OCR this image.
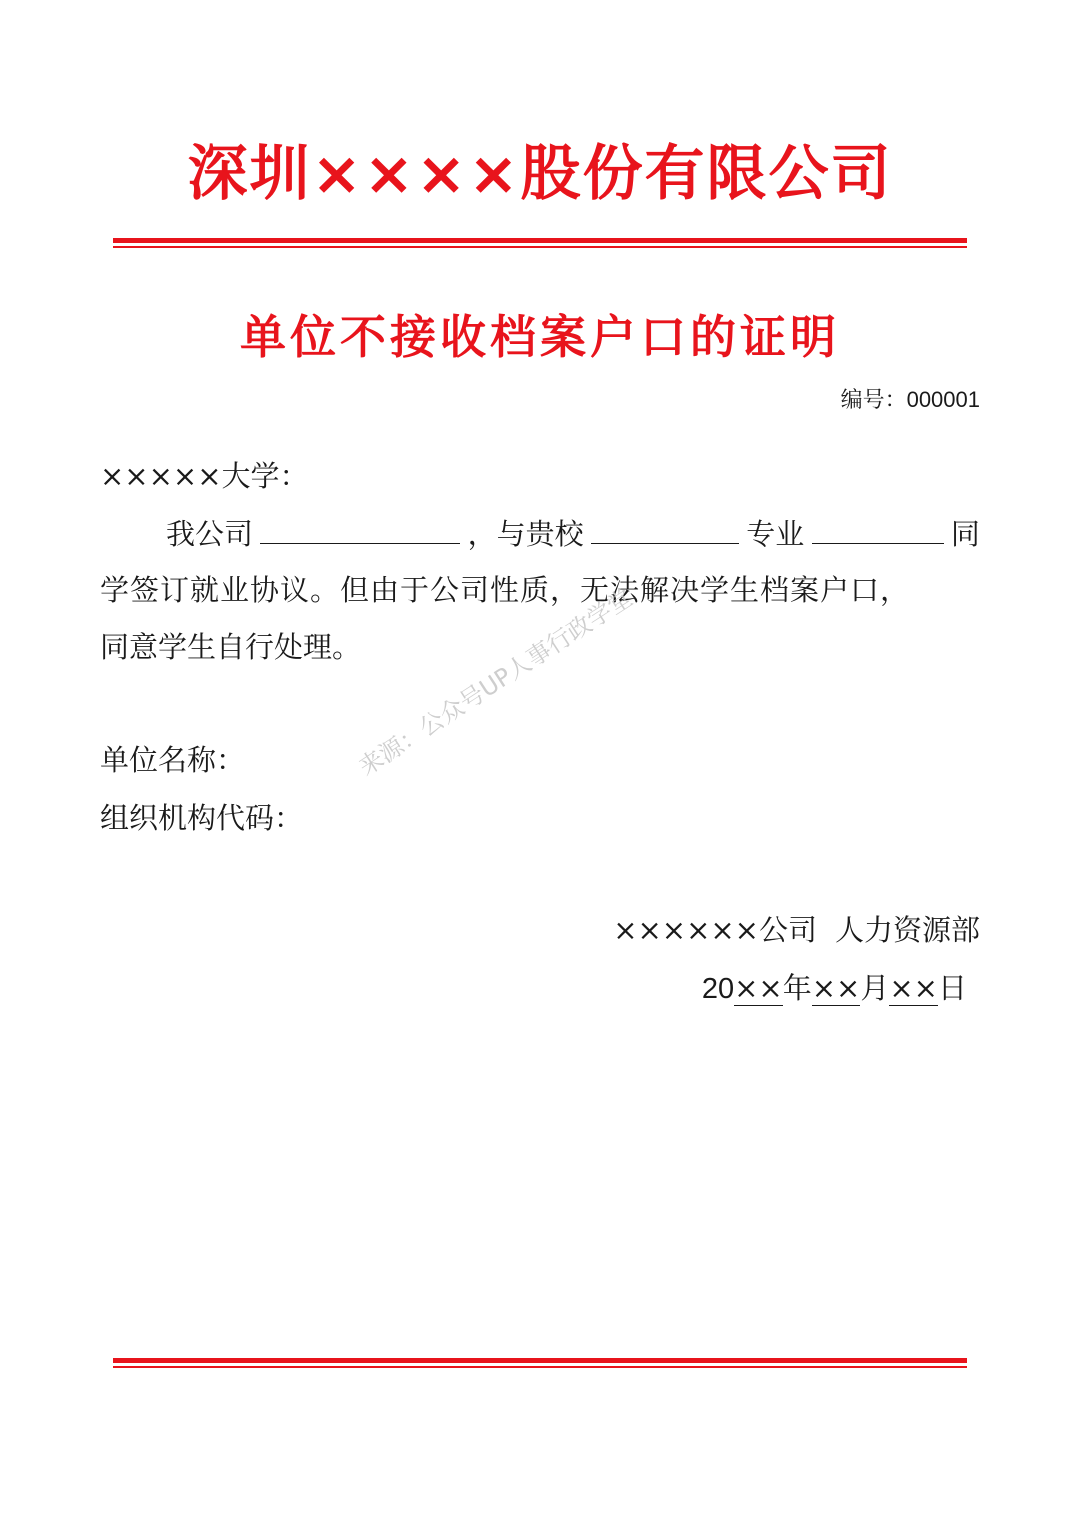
深圳××××股份有限公司
单位不接收档案户口的证明
编号：000001
×××××大学：
我公司	，与贵校	专业	同
学签订就业协议。但由于公司性质，无法解决学生档案户口，
同意学生自行处理。
单位名称：
组织机构代码：
来源：公众号UP人事行政学堂
××××××公司 人力资源部
20××年××月××日
